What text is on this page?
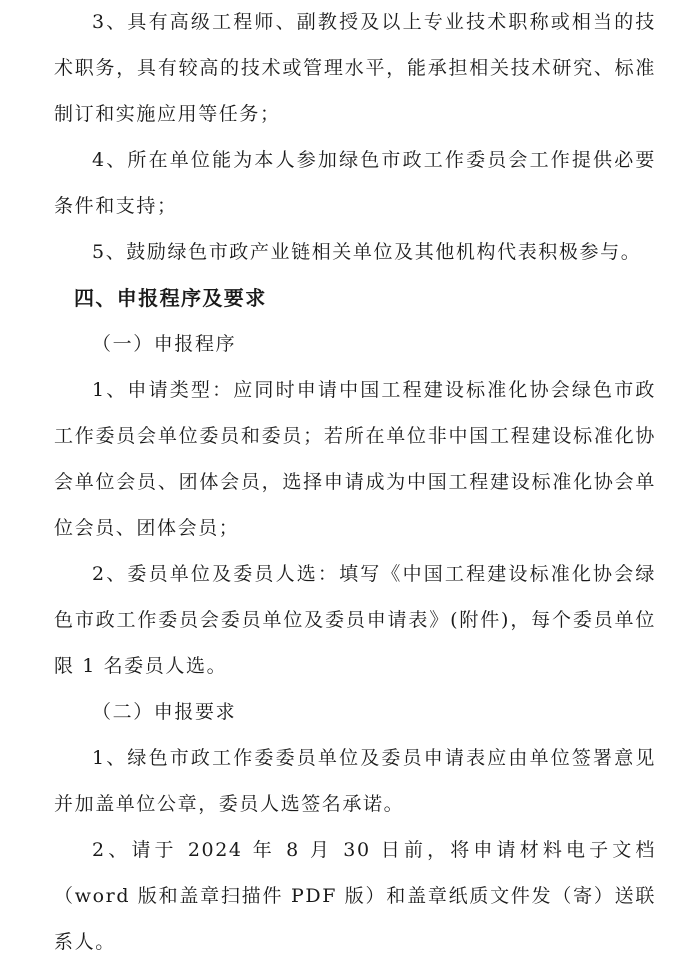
3、具有高级工程师、副教授及以上专业技术职称或相当的技术职务，具有较高的技术或管理水平，能承担相关技术研究、标准制订和实施应用等任务；

4、所在单位能为本人参加绿色市政工作委员会工作提供必要条件和支持；

5、鼓励绿色市政产业链相关单位及其他机构代表积极参与。

四、申报程序及要求

（一）申报程序

1、申请类型：应同时申请中国工程建设标准化协会绿色市政工作委员会单位委员和委员；若所在单位非中国工程建设标准化协会单位会员、团体会员，选择申请成为中国工程建设标准化协会单位会员、团体会员；

2、委员单位及委员人选：填写《中国工程建设标准化协会绿色市政工作委员会委员单位及委员申请表》(附件)，每个委员单位限 1 名委员人选。

（二）申报要求

1、绿色市政工作委委员单位及委员申请表应由单位签署意见并加盖单位公章，委员人选签名承诺。

2、请于 2024 年 8 月 30 日前，将申请材料电子文档（word 版和盖章扫描件 PDF 版）和盖章纸质文件发（寄）送联系人。
